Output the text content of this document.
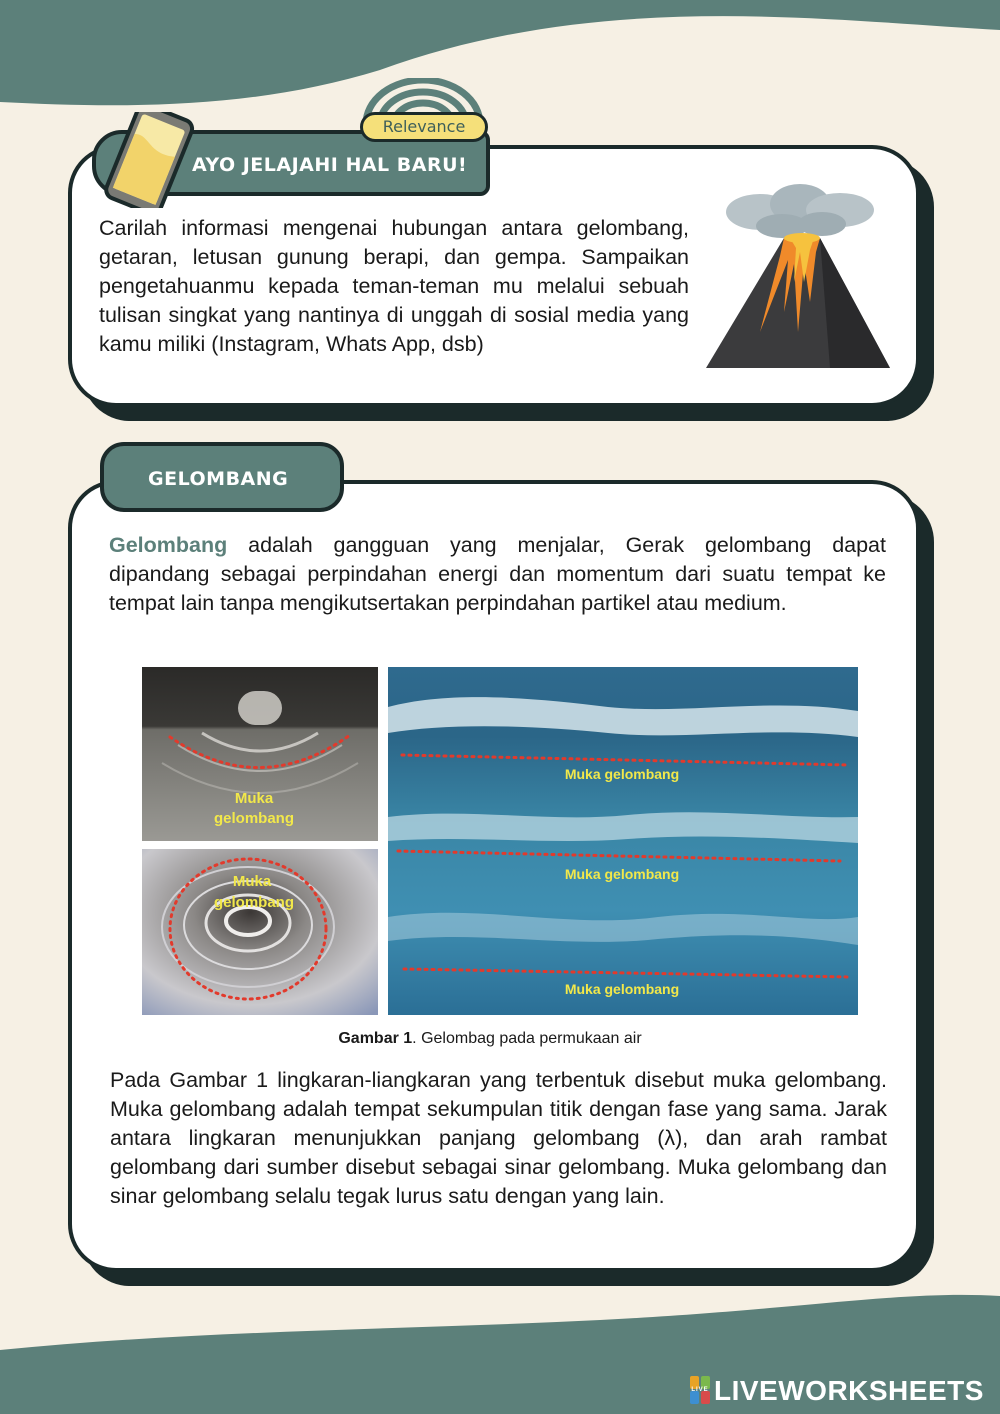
AYO JELAJAHI HAL BARU!
Relevance
Carilah informasi mengenai hubungan antara gelombang, getaran, letusan gunung berapi, dan gempa. Sampaikan pengetahuanmu kepada teman-teman mu melalui sebuah tulisan singkat yang nantinya di unggah di sosial media yang kamu miliki (Instagram, Whats App, dsb)
GELOMBANG
Gelombang adalah gangguan yang menjalar, Gerak gelombang dapat dipandang sebagai perpindahan energi dan momentum dari suatu tempat ke tempat lain tanpa mengikutsertakan perpindahan partikel atau medium.
Muka
gelombang
Muka
gelombang
Muka gelombang
Muka gelombang
Muka gelombang
Gambar 1. Gelombag pada permukaan air
Pada Gambar 1 lingkaran-liangkaran yang terbentuk disebut muka gelombang. Muka gelombang adalah tempat sekumpulan titik dengan fase yang sama. Jarak antara lingkaran menunjukkan panjang gelombang (λ), dan arah rambat gelombang dari sumber disebut sebagai sinar gelombang. Muka gelombang dan sinar gelombang selalu tegak lurus satu dengan yang lain.
LIVE LIVEWORKSHEETS
